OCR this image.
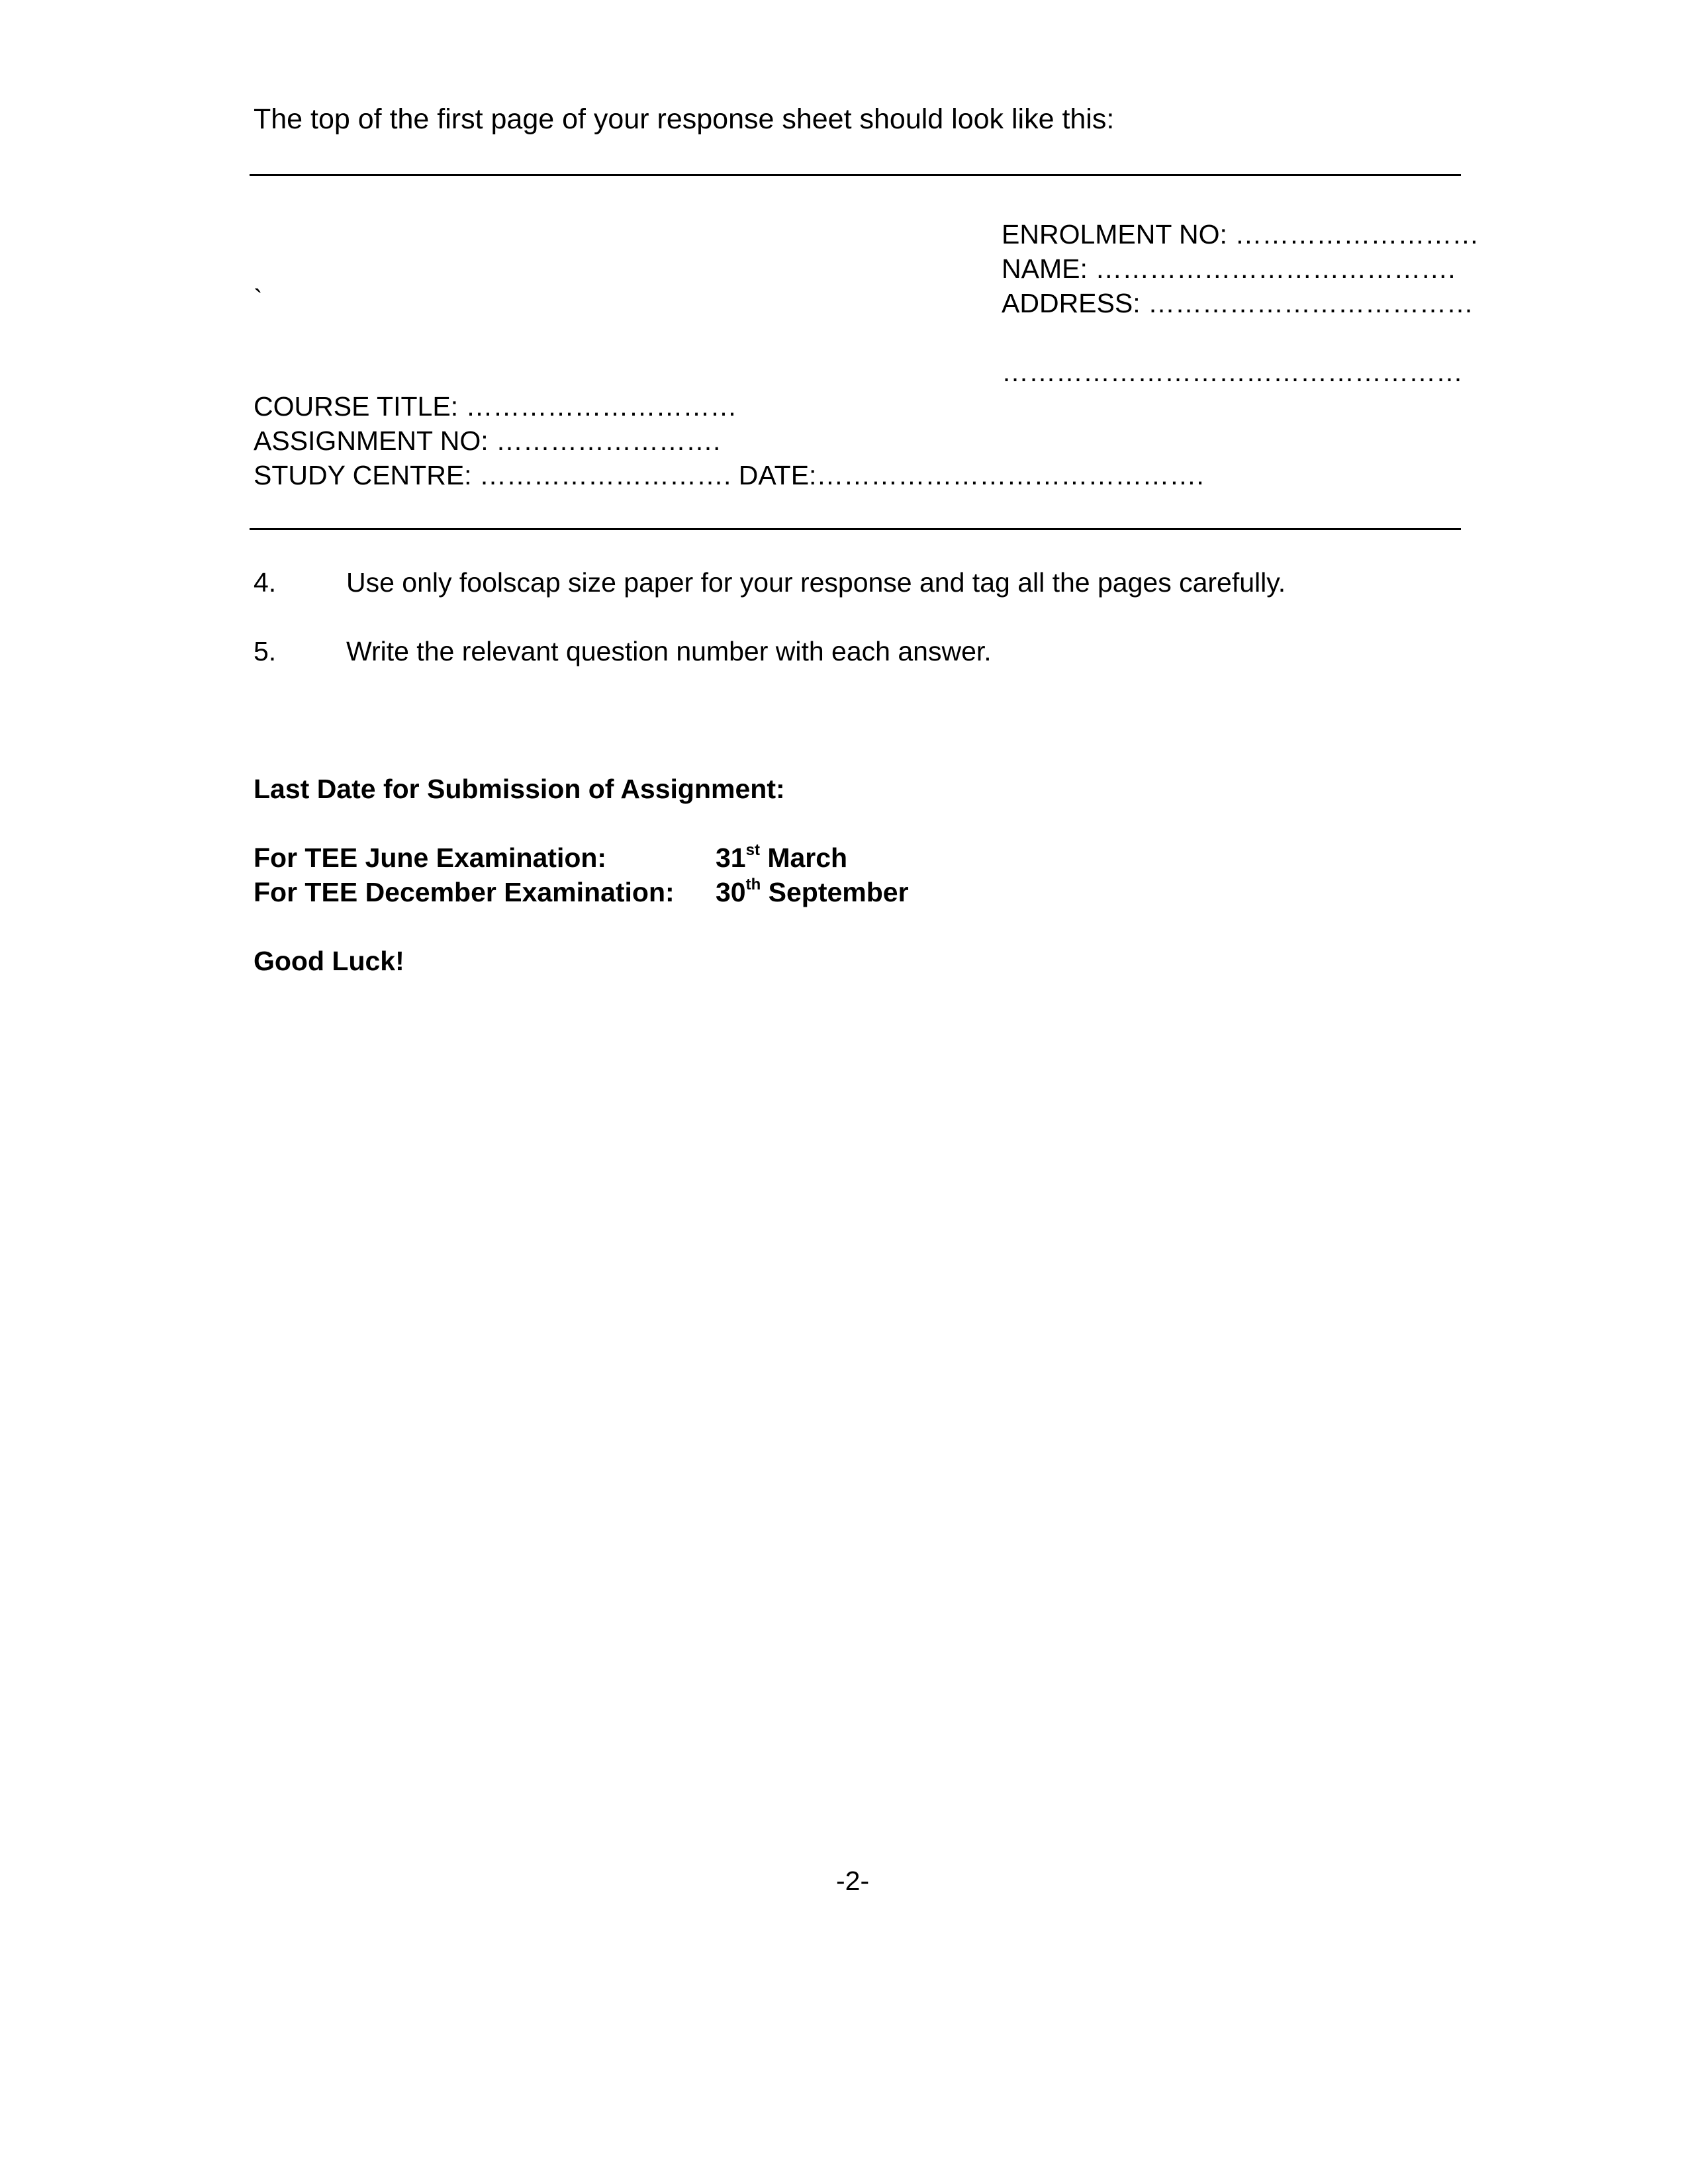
The top of the first page of your response sheet should look like this:
ENROLMENT NO: ………………………
NAME: ………………………………….
`	ADDRESS: ………………………………
……………………………………………
COURSE TITLE: …………………………
ASSIGNMENT NO: …………………….
STUDY CENTRE: ………………………. DATE:…………………………………….
4.	Use only foolscap size paper for your response and tag all the pages carefully.
5.	Write the relevant question number with each answer.
Last Date for Submission of Assignment:
For TEE June Examination:	31st March
For TEE December Examination: 30th September
Good Luck!
-2-
